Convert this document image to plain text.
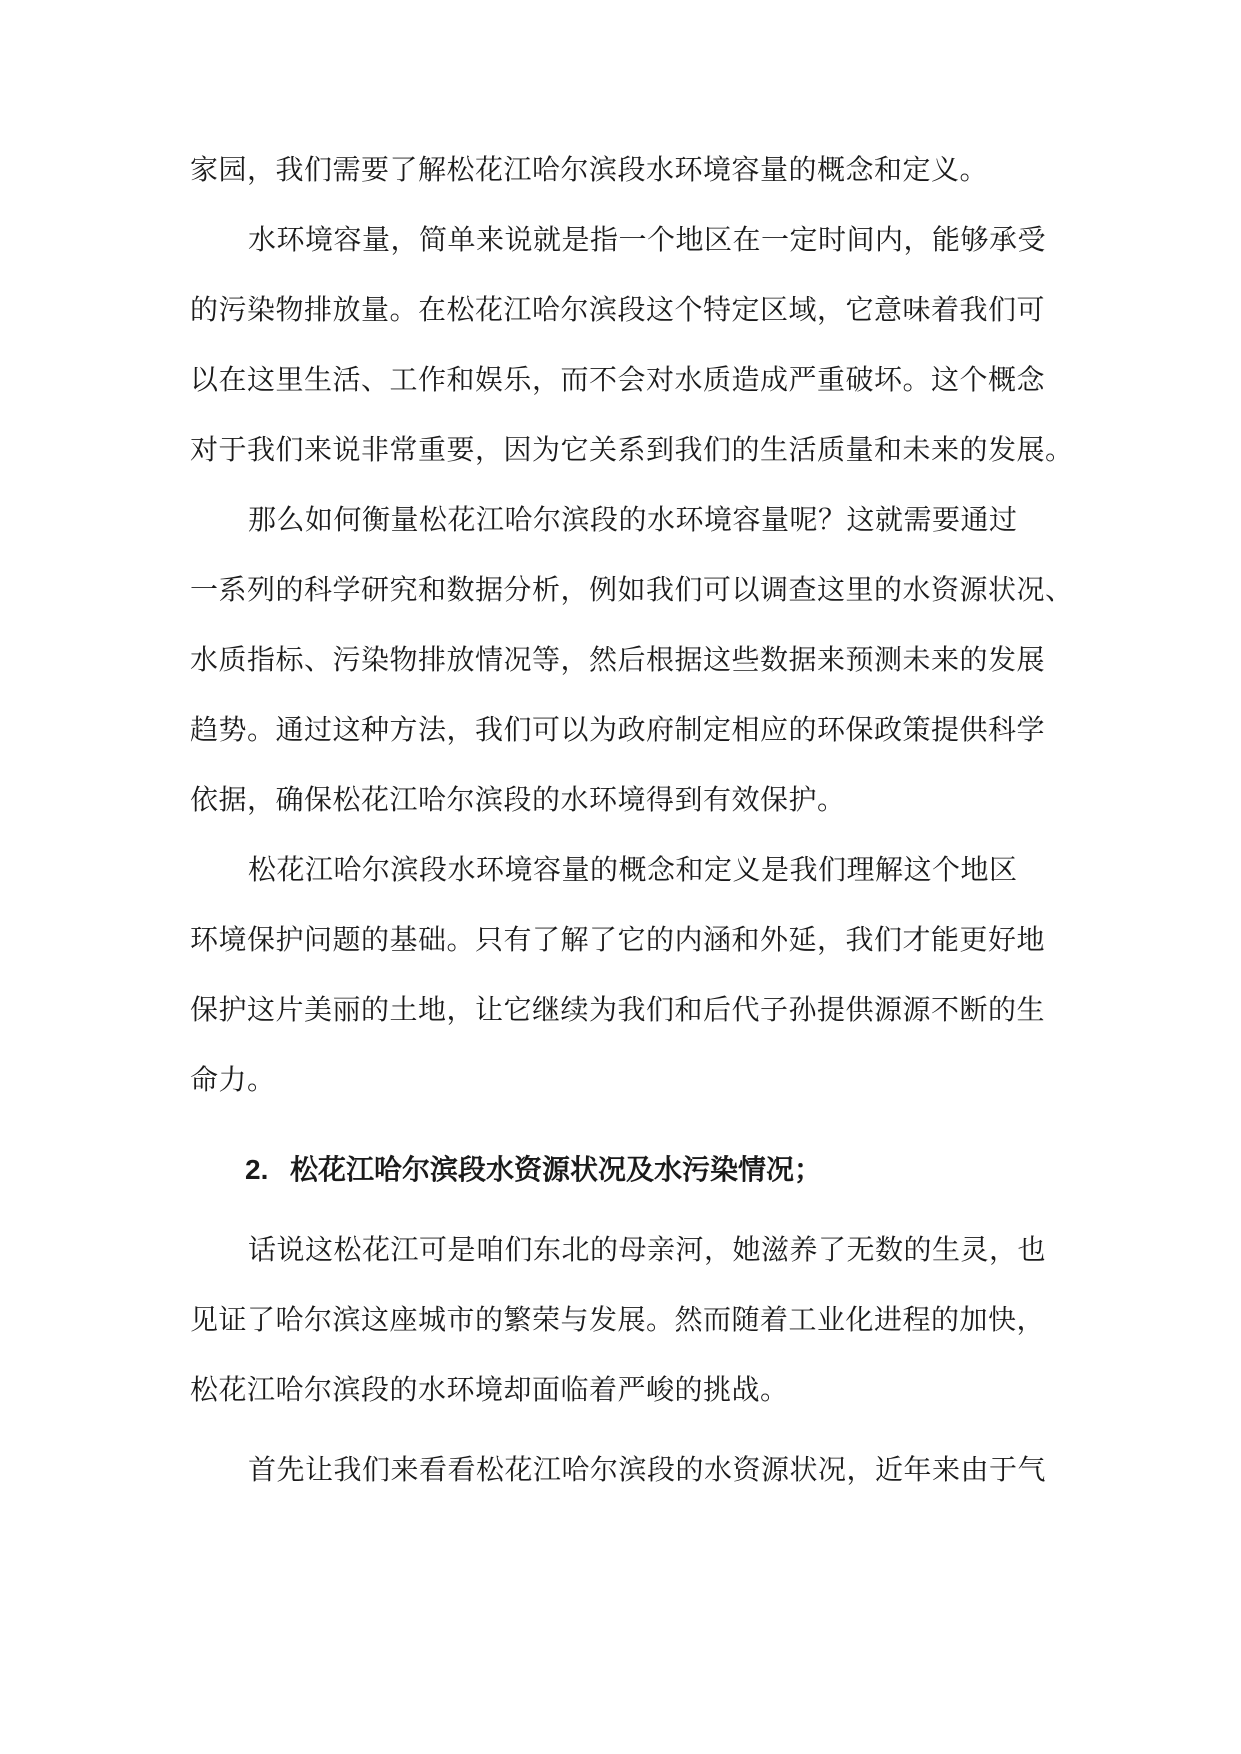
家园，我们需要了解松花江哈尔滨段水环境容量的概念和定义。
水环境容量，简单来说就是指一个地区在一定时间内，能够承受
的污染物排放量。在松花江哈尔滨段这个特定区域，它意味着我们可
以在这里生活、工作和娱乐，而不会对水质造成严重破坏。这个概念
对于我们来说非常重要，因为它关系到我们的生活质量和未来的发展。
那么如何衡量松花江哈尔滨段的水环境容量呢？这就需要通过
一系列的科学研究和数据分析，例如我们可以调查这里的水资源状况、
水质指标、污染物排放情况等，然后根据这些数据来预测未来的发展
趋势。通过这种方法，我们可以为政府制定相应的环保政策提供科学
依据，确保松花江哈尔滨段的水环境得到有效保护。
松花江哈尔滨段水环境容量的概念和定义是我们理解这个地区
环境保护问题的基础。只有了解了它的内涵和外延，我们才能更好地
保护这片美丽的土地，让它继续为我们和后代子孙提供源源不断的生
命力。
2. 松花江哈尔滨段水资源状况及水污染情况；
话说这松花江可是咱们东北的母亲河，她滋养了无数的生灵，也
见证了哈尔滨这座城市的繁荣与发展。然而随着工业化进程的加快，
松花江哈尔滨段的水环境却面临着严峻的挑战。
首先让我们来看看松花江哈尔滨段的水资源状况，近年来由于气
